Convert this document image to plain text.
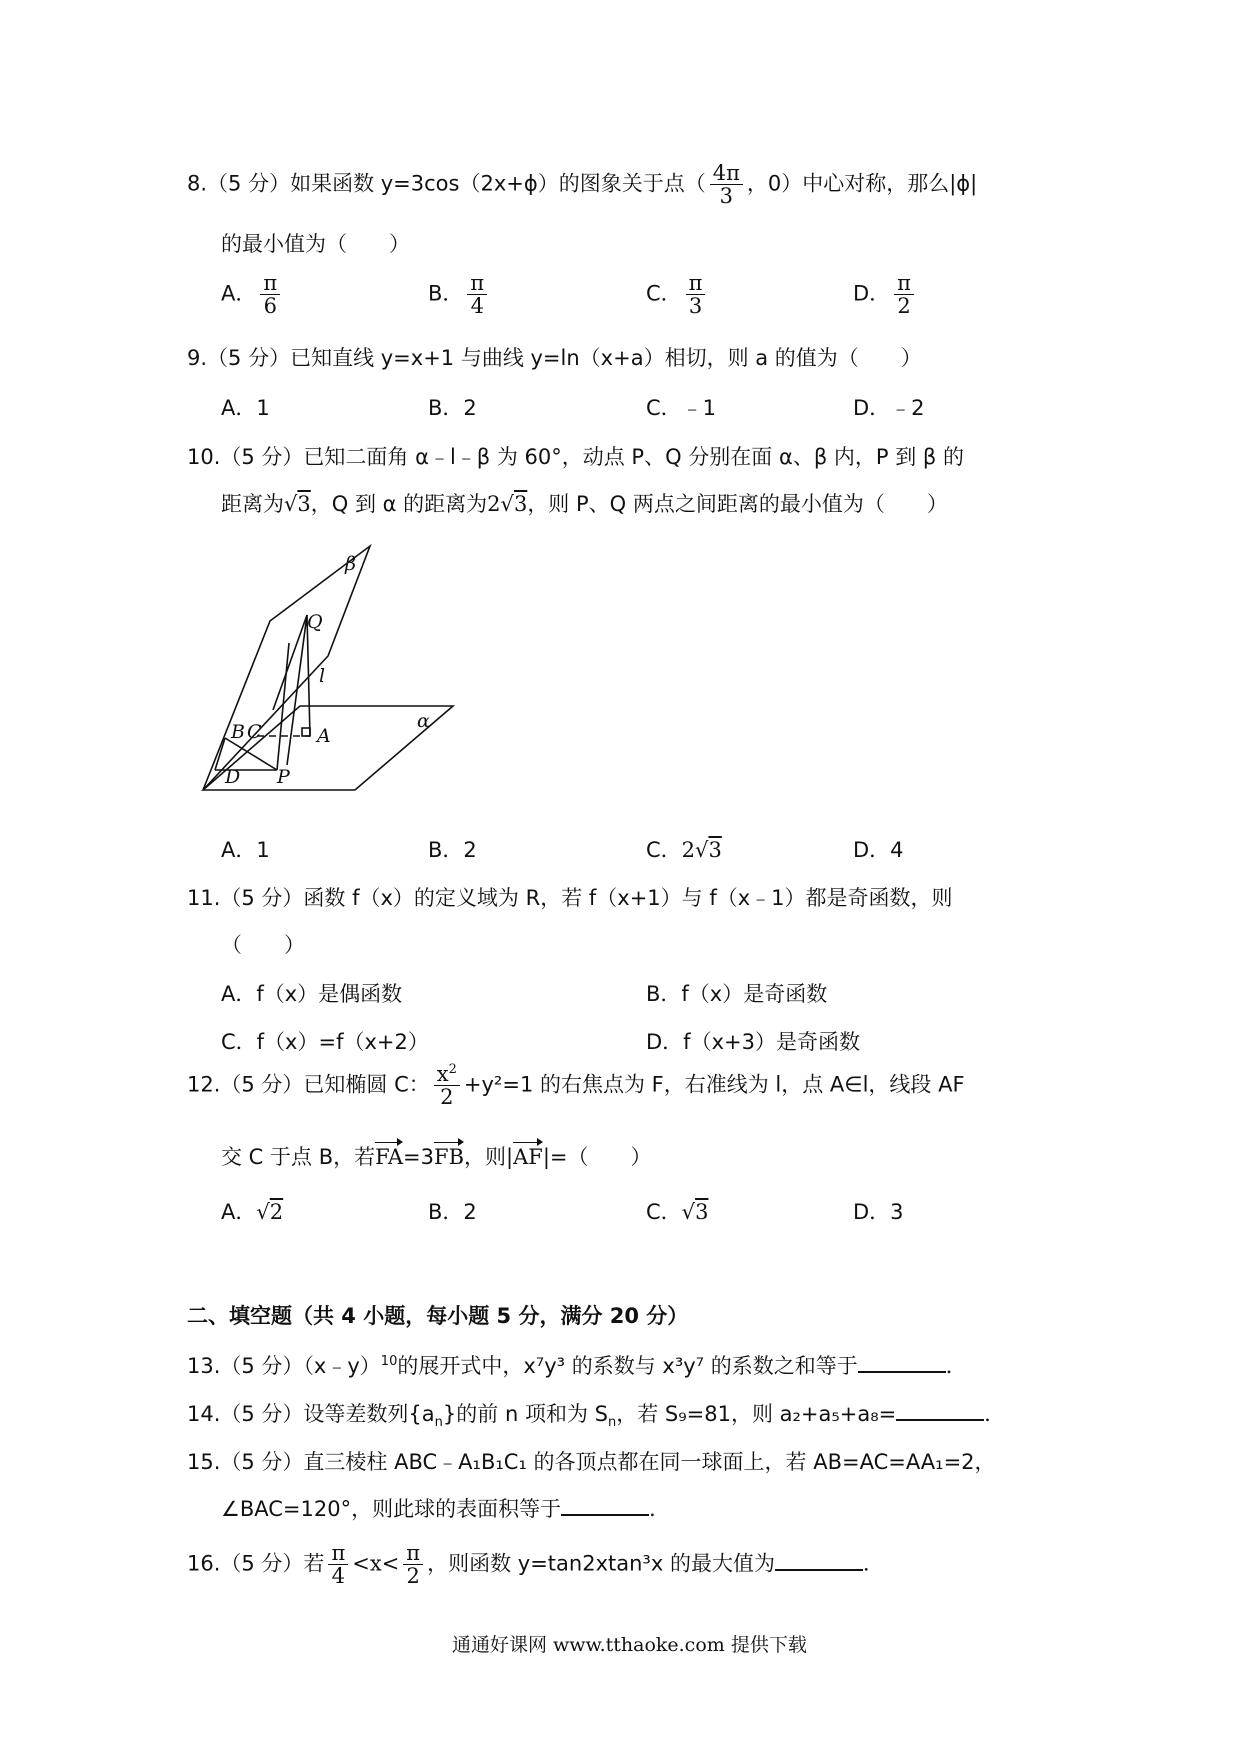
8.（5 分）如果函数 y=3cos（2x+ϕ）的图象关于点（ $\frac{4\pi}{3}$ ，0）中心对称，那么|ϕ|
的最小值为（　　）
A． $\frac{\pi}{6}$	B． $\frac{\pi}{4}$	C． $\frac{\pi}{3}$	D． $\frac{\pi}{2}$
9.（5 分）已知直线 y=x+1 与曲线 y=ln（x+a）相切，则 a 的值为（　　）
A．1	B．2	C．﹣1	D．﹣2
10.（5 分）已知二面角 α﹣l﹣β 为 60°，动点 P、Q 分别在面 α、β 内，P 到 β 的
距离为√3，Q 到 α 的距离为2√3，则 P、Q 两点之间距离的最小值为（　　）
β
Q
l
α
B C	A
D P
A．1	B．2	C．2√3	D．4
11.（5 分）函数 f（x）的定义域为 R，若 f（x+1）与 f（x﹣1）都是奇函数，则
（　　）
A．f（x）是偶函数	B．f（x）是奇函数
C．f（x）=f（x+2）	D．f（x+3）是奇函数
12.（5 分）已知椭圆 C： $\frac{x^2}{2} +y^2=1$ 的右焦点为 F，右准线为 l，点 A∈l，线段 AF
交 C 于点 B，若FA=3FB，则|AF|=（　　）
A．√2	B．2	C．√3	D．3
二、填空题（共 4 小题，每小题 5 分，满分 20 分）
13.（5 分）（x﹣y）$^{10}$的展开式中，x⁷y³ 的系数与 x³y⁷ 的系数之和等于	．
14.（5 分）设等差数列$\{a_n\}$的前 n 项和为 $S_n$，若 S₉=81，则 a₂+a₅+a₈=	．
15.（5 分）直三棱柱 ABC﹣A₁B₁C₁ 的各顶点都在同一球面上，若 AB=AC=AA₁=2，
∠BAC=120°，则此球的表面积等于	．
16.（5 分）若 $\frac{\pi}{4} <x< \frac{\pi}{2}$ ，则函数 y=tan2xtan³x 的最大值为	．
通通好课网 www.tthaoke.com 提供下载
